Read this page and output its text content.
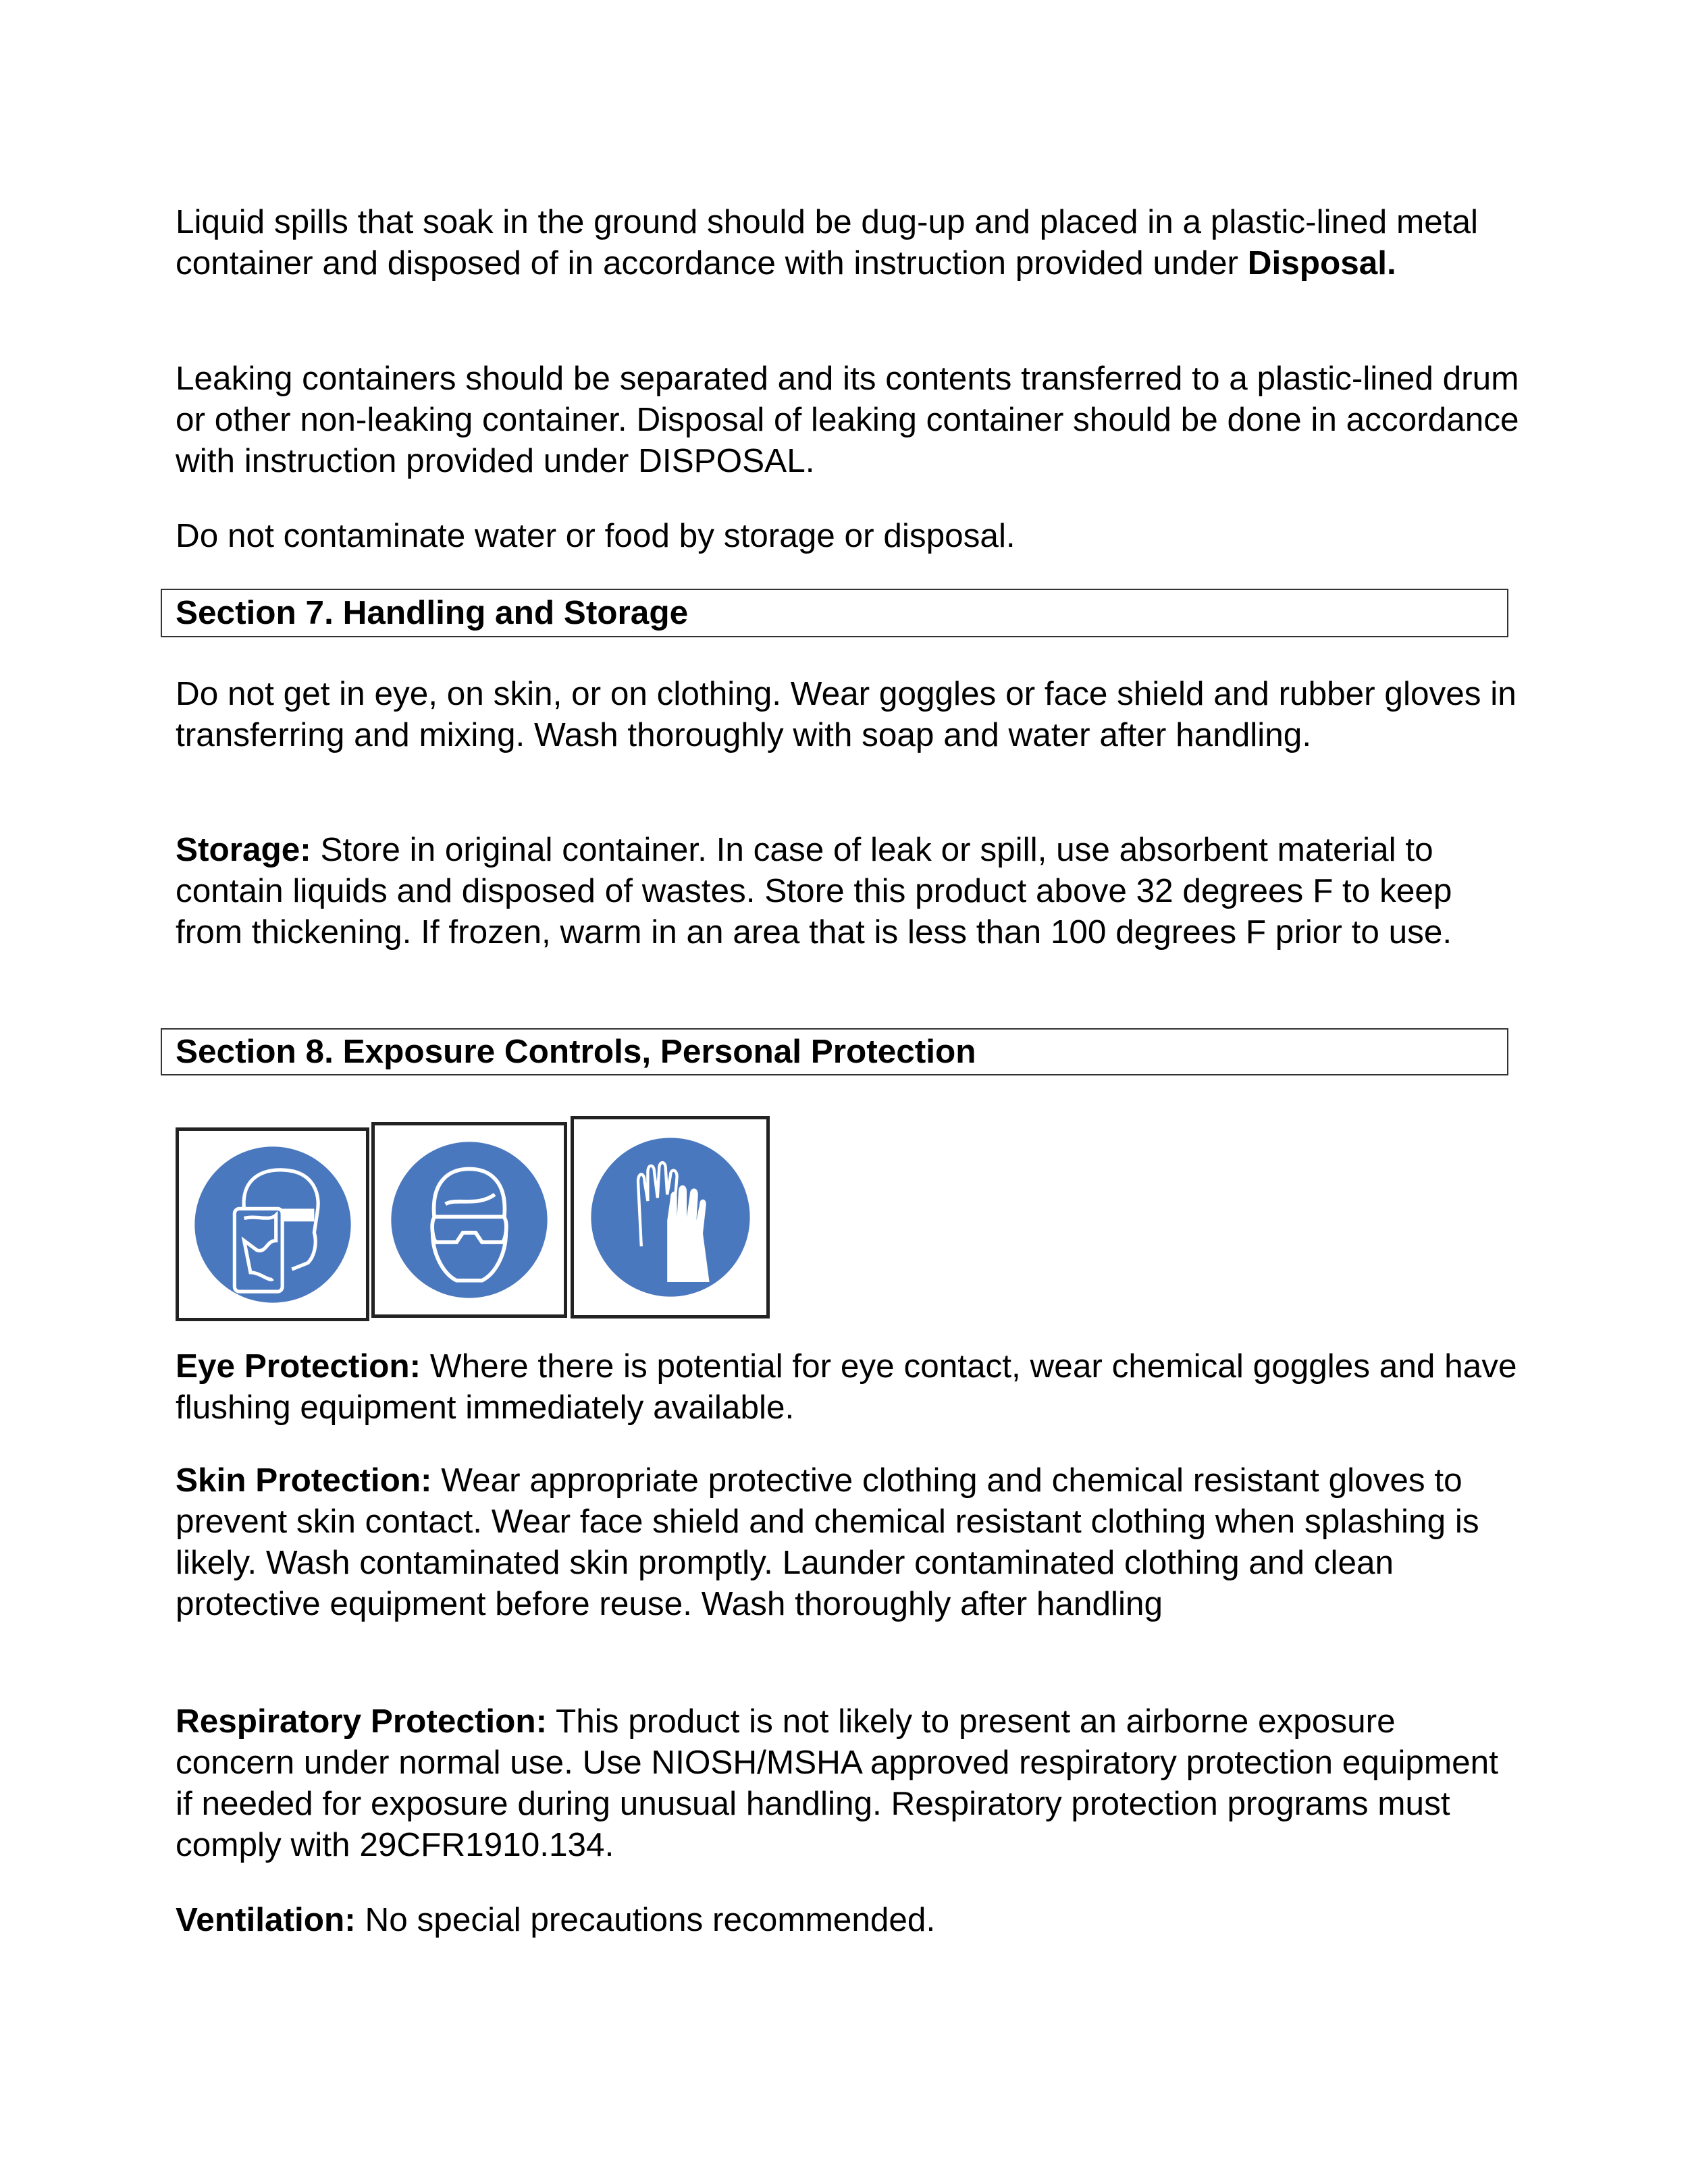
Liquid spills that soak in the ground should be dug-up and placed in a plastic-lined metal container and disposed of in accordance with instruction provided under Disposal.

Leaking containers should be separated and its contents transferred to a plastic-lined drum or other non-leaking container. Disposal of leaking container should be done in accordance with instruction provided under DISPOSAL.

Do not contaminate water or food by storage or disposal.

Section 7. Handling and Storage

Do not get in eye, on skin, or on clothing. Wear goggles or face shield and rubber gloves in transferring and mixing. Wash thoroughly with soap and water after handling.

Storage: Store in original container. In case of leak or spill, use absorbent material to contain liquids and disposed of wastes. Store this product above 32 degrees F to keep from thickening. If frozen, warm in an area that is less than 100 degrees F prior to use.

Section 8. Exposure Controls, Personal Protection

Eye Protection: Where there is potential for eye contact, wear chemical goggles and have flushing equipment immediately available.

Skin Protection: Wear appropriate protective clothing and chemical resistant gloves to prevent skin contact. Wear face shield and chemical resistant clothing when splashing is likely. Wash contaminated skin promptly. Launder contaminated clothing and clean protective equipment before reuse. Wash thoroughly after handling

Respiratory Protection: This product is not likely to present an airborne exposure concern under normal use. Use NIOSH/MSHA approved respiratory protection equipment if needed for exposure during unusual handling. Respiratory protection programs must comply with 29CFR1910.134.

Ventilation: No special precautions recommended.
